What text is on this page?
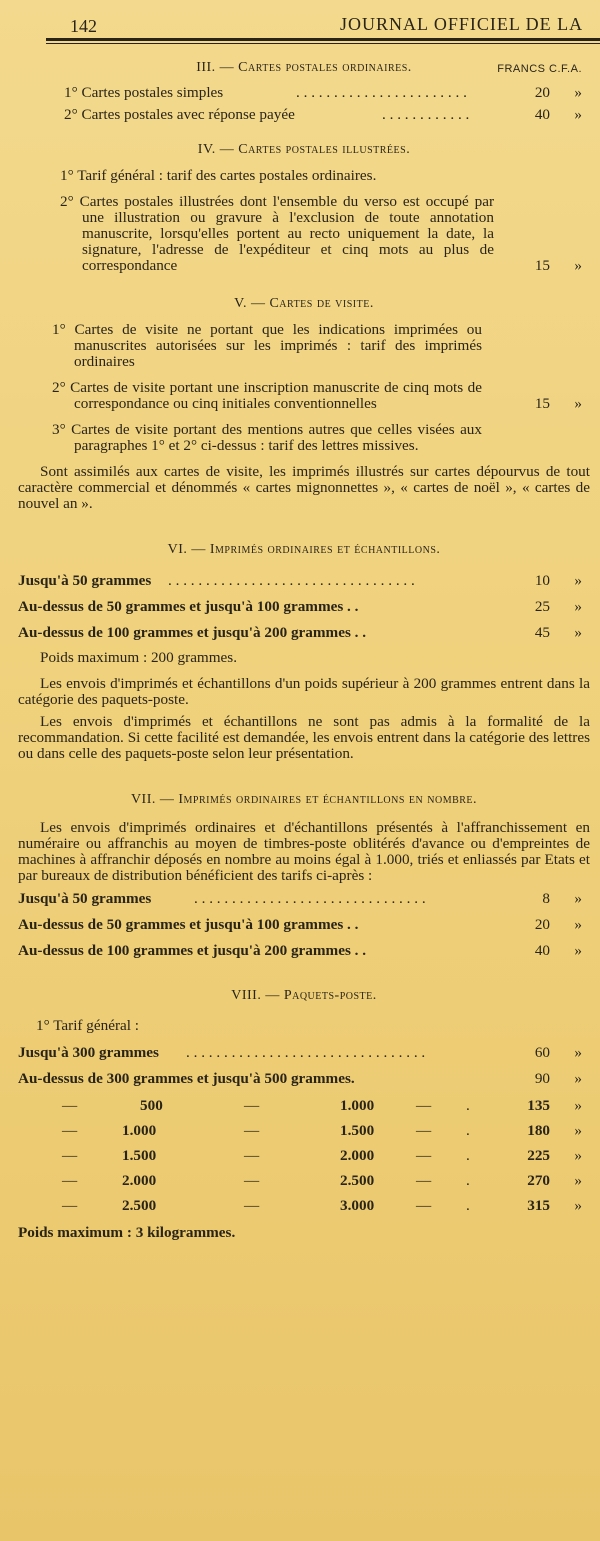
142	JOURNAL OFFICIEL DE LA
III. — Cartes postales ordinaires.	FRANCS C.F.A.
1° Cartes postales simples	. . . . . . . . . . . . . . . . . . . . . . .	20 »
2° Cartes postales avec réponse payée	. . . . . . . . . . . .	40 »
IV. — Cartes postales illustrées.

1° Tarif général : tarif des cartes postales ordinaires.

2° Cartes postales illustrées dont l'ensemble du verso est occupé par une illustration ou gravure à l'exclusion de toute annotation manuscrite, lorsqu'elles portent au recto uniquement la date, la signature, l'adresse de l'expéditeur et cinq mots au plus de correspondance	15 »
V. — Cartes de visite.

1° Cartes de visite ne portant que les indications imprimées ou manuscrites autorisées sur les imprimés : tarif des imprimés ordinaires

2° Cartes de visite portant une inscription manuscrite de cinq mots de correspondance ou cinq initiales conventionnelles	15 »

3° Cartes de visite portant des mentions autres que celles visées aux paragraphes 1° et 2° ci-dessus : tarif des lettres missives.

Sont assimilés aux cartes de visite, les imprimés illustrés sur cartes dépourvus de tout caractère commercial et dénommés « cartes mignonnettes », « cartes de noël », « cartes de nouvel an ».

VI. — Imprimés ordinaires et échantillons.
Jusqu'à 50 grammes . . . . . . . . . . . . . . . . . . . . . . . . . . . . . . . . .	10 »
Au-dessus de 50 grammes et jusqu'à 100 grammes . .	25 »
Au-dessus de 100 grammes et jusqu'à 200 grammes . .	45 »

Poids maximum : 200 grammes.

Les envois d'imprimés et échantillons d'un poids supérieur à 200 grammes entrent dans la catégorie des paquets-poste.

Les envois d'imprimés et échantillons ne sont pas admis à la formalité de la recommandation. Si cette facilité est demandée, les envois entrent dans la catégorie des lettres ou dans celle des paquets-poste selon leur présentation.

VII. — Imprimés ordinaires et échantillons en nombre.

Les envois d'imprimés ordinaires et d'échantillons présentés à l'affranchissement en numéraire ou affranchis au moyen de timbres-poste oblitérés d'avance ou d'empreintes de machines à affranchir déposés en nombre au moins égal à 1.000, triés et enliassés par Etats et par bureaux de distribution bénéficient des tarifs ci-après :

Jusqu'à 50 grammes	. . . . . . . . . . . . . . . . . . . . . . . . . . . . . . .	8 »
Au-dessus de 50 grammes et jusqu'à 100 grammes . .	20 »
Au-dessus de 100 grammes et jusqu'à 200 grammes . .	40 »
VIII. — Paquets-poste.

1° Tarif général :

Jusqu'à 300 grammes . . . . . . . . . . . . . . . . . . . . . . . . . . . . . . . .	60 »
Au-dessus de 300 grammes et jusqu'à 500 grammes.	90 »
—	500	—	1.000	— .	135 »
—	1.000	—	1.500	— .	180 »
—	1.500	—	2.000	— .	225 »
—	2.000	—	2.500	— .	270 »
—	2.500	—	3.000	— .	315 »

Poids maximum : 3 kilogrammes.
